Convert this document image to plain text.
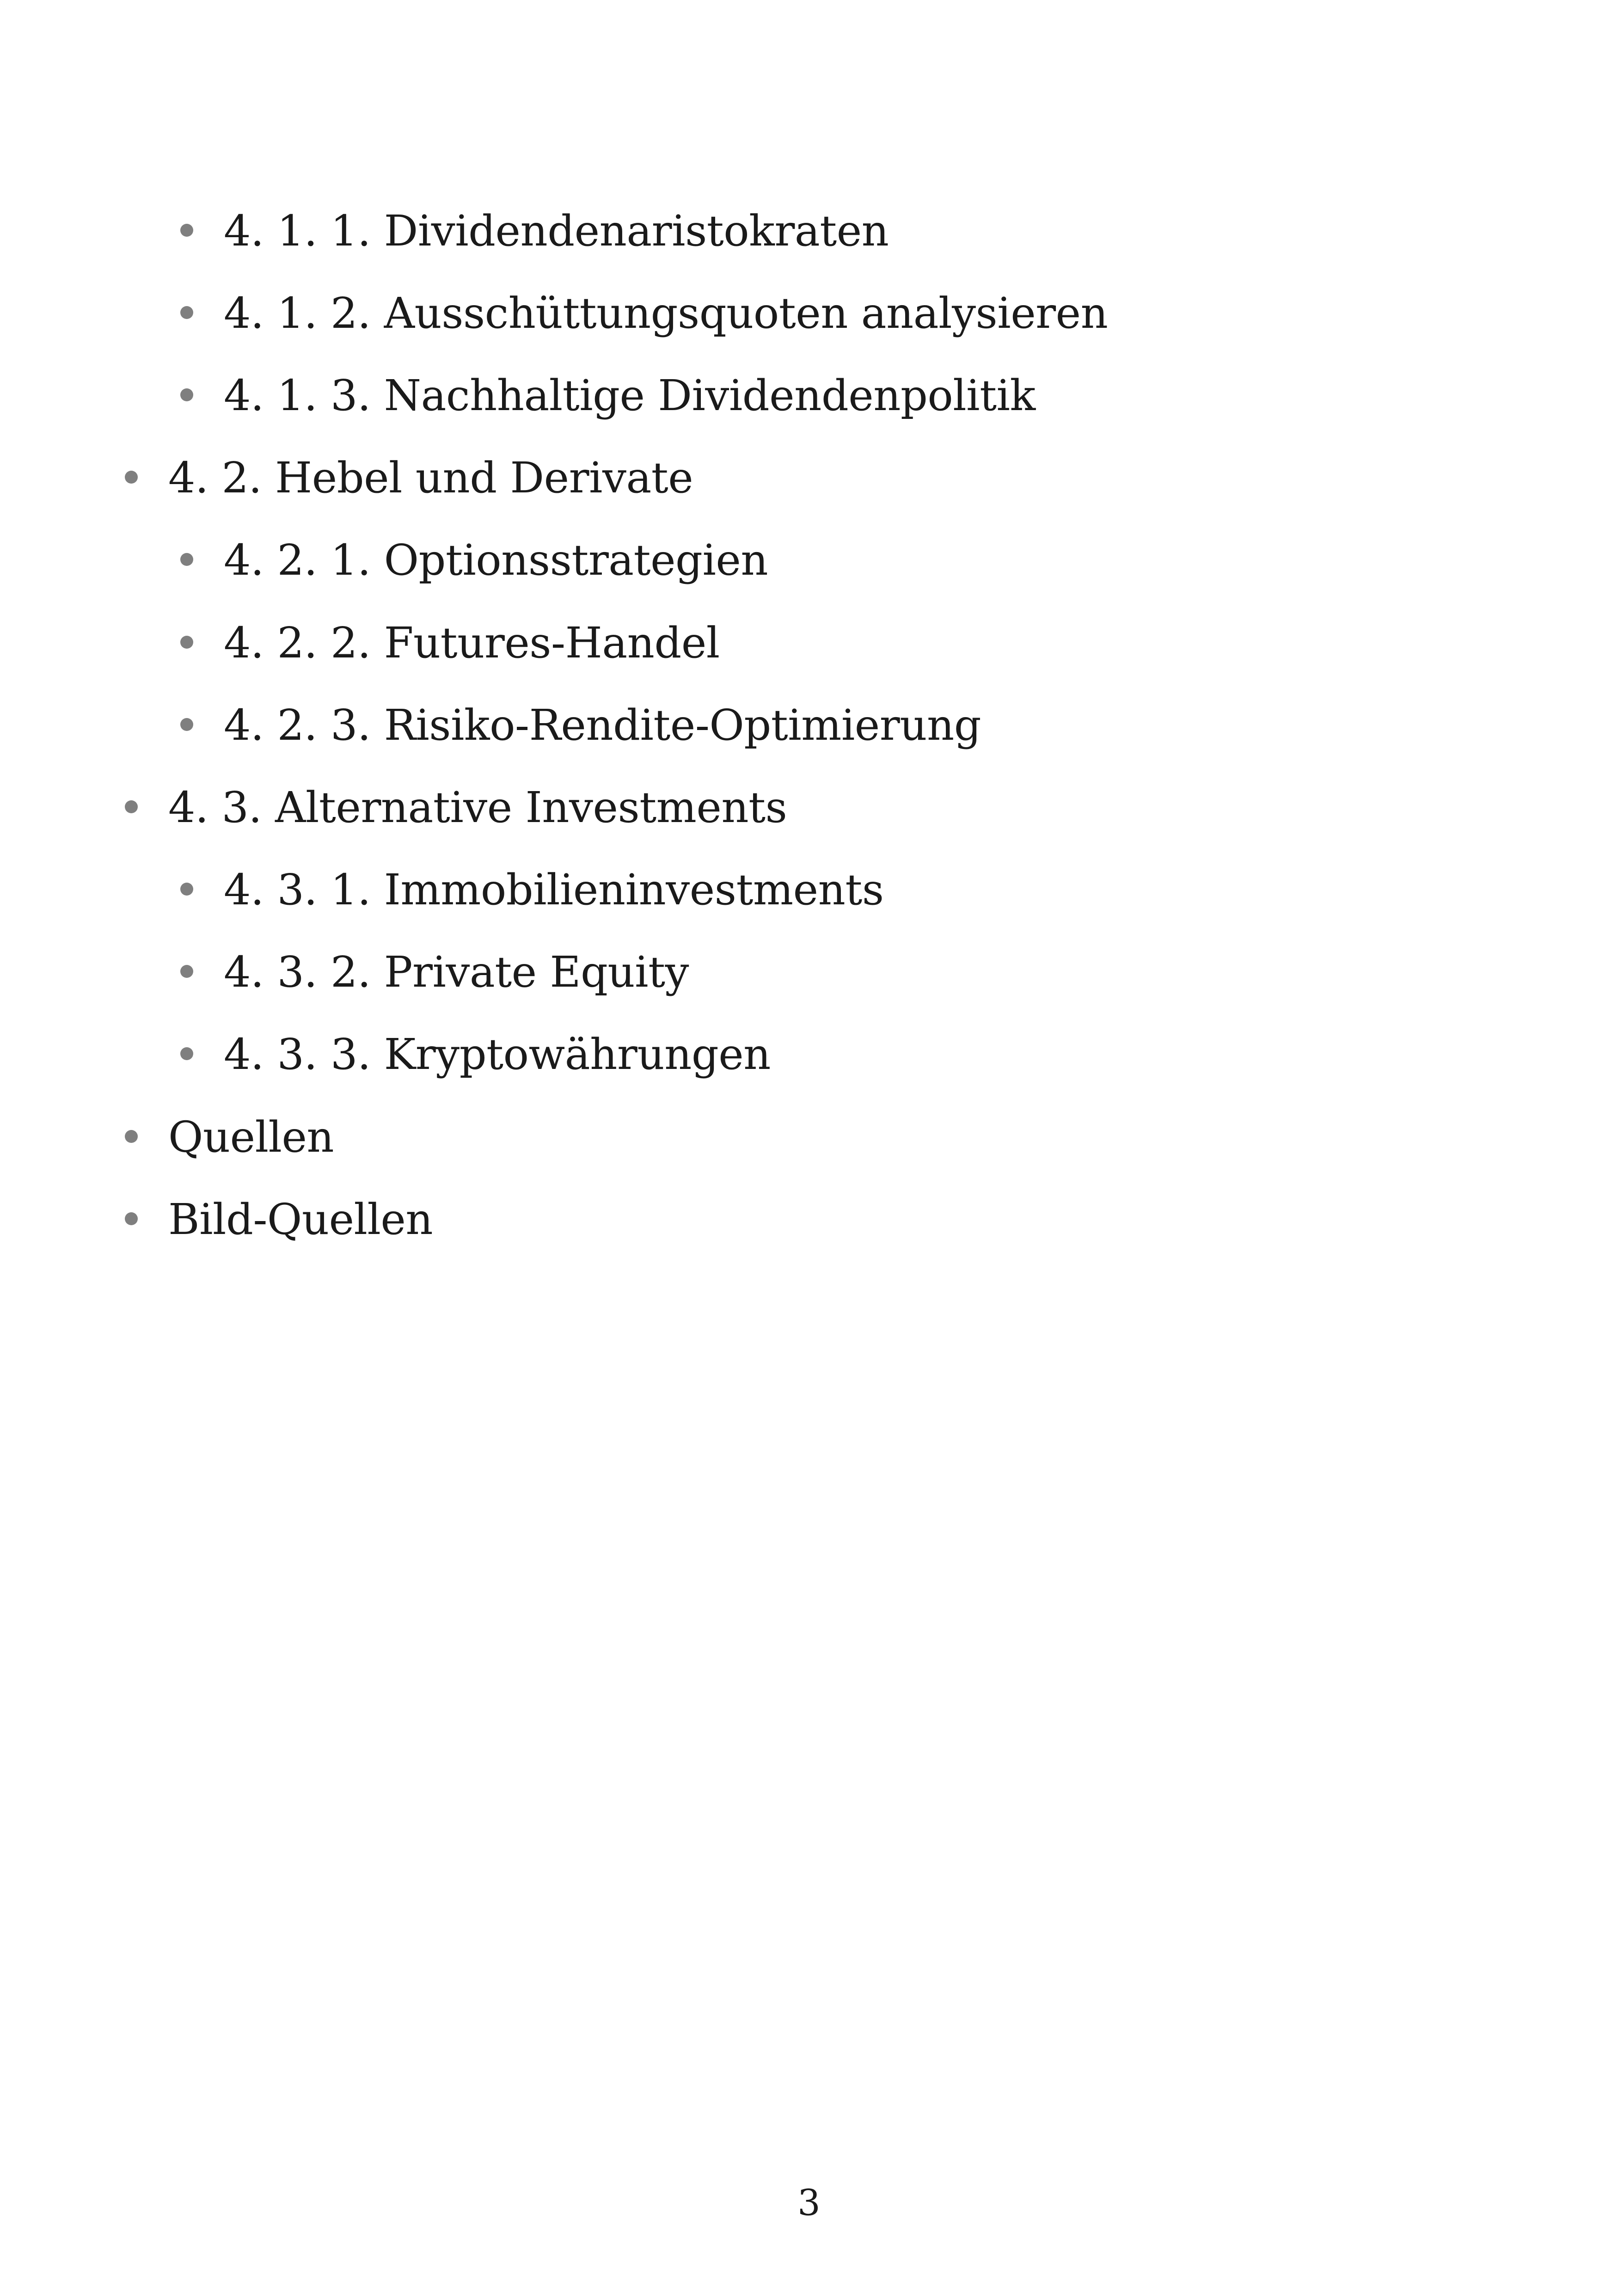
4. 1. 1. Dividendenaristokraten
4. 1. 2. Ausschüttungsquoten analysieren
4. 1. 3. Nachhaltige Dividendenpolitik
4. 2. Hebel und Derivate
4. 2. 1. Optionsstrategien
4. 2. 2. Futures-Handel
4. 2. 3. Risiko-Rendite-Optimierung
4. 3. Alternative Investments
4. 3. 1. Immobilieninvestments
4. 3. 2. Private Equity
4. 3. 3. Kryptowährungen
Quellen
Bild-Quellen
3
